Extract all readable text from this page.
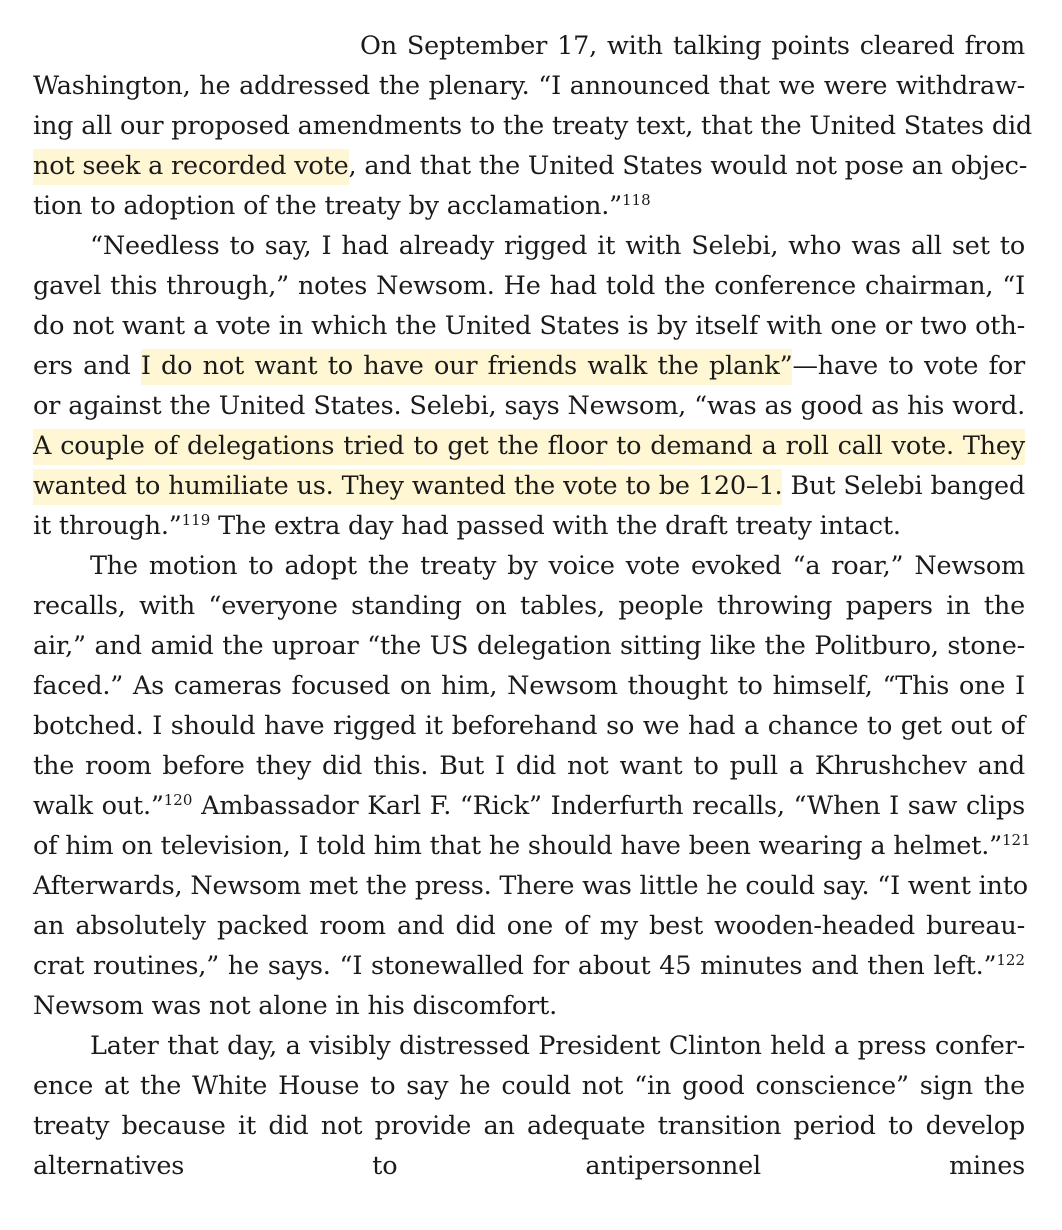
On September 17, with talking points cleared from
Washington, he addressed the plenary. “I announced that we were withdraw-
ing all our proposed amendments to the treaty text, that the United States did
not seek a recorded vote, and that the United States would not pose an objec-
tion to adoption of the treaty by acclamation.”$^{118}$
“Needless to say, I had already rigged it with Selebi, who was all set to
gavel this through,” notes Newsom. He had told the conference chairman, “I
do not want a vote in which the United States is by itself with one or two oth-
ers and I do not want to have our friends walk the plank”—have to vote for
or against the United States. Selebi, says Newsom, “was as good as his word.
A couple of delegations tried to get the floor to demand a roll call vote. They
wanted to humiliate us. They wanted the vote to be 120–1. But Selebi banged
it through.”$^{119}$ The extra day had passed with the draft treaty intact.
The motion to adopt the treaty by voice vote evoked “a roar,” Newsom
recalls, with “everyone standing on tables, people throwing papers in the
air,” and amid the uproar “the US delegation sitting like the Politburo, stone-
faced.” As cameras focused on him, Newsom thought to himself, “This one I
botched. I should have rigged it beforehand so we had a chance to get out of
the room before they did this. But I did not want to pull a Khrushchev and
walk out.”$^{120}$ Ambassador Karl F. “Rick” Inderfurth recalls, “When I saw clips
of him on television, I told him that he should have been wearing a helmet.”$^{121}$
Afterwards, Newsom met the press. There was little he could say. “I went into
an absolutely packed room and did one of my best wooden-headed bureau-
crat routines,” he says. “I stonewalled for about 45 minutes and then left.”$^{122}$
Newsom was not alone in his discomfort.
Later that day, a visibly distressed President Clinton held a press confer-
ence at the White House to say he could not “in good conscience” sign the
treaty because it did not provide an adequate transition period to develop
alternatives to antipersonnel mines
